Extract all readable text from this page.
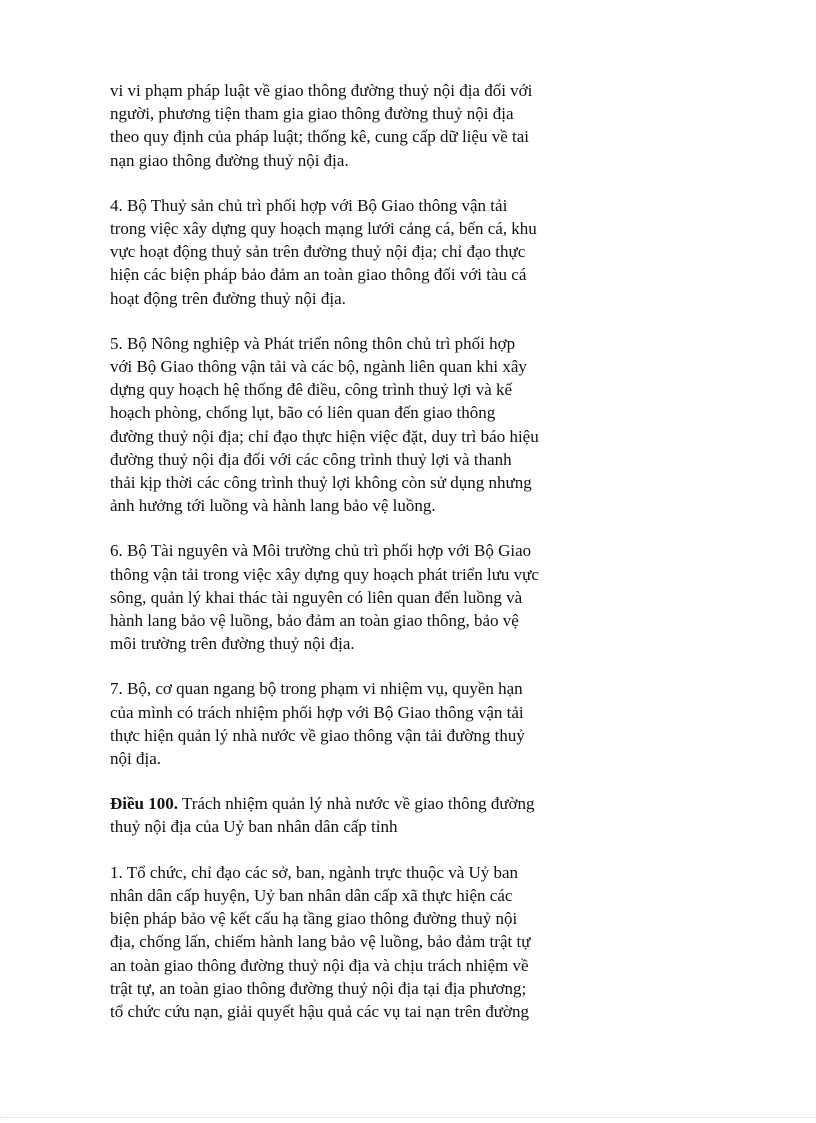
vi vi phạm pháp luật về giao thông đường thuỷ nội địa đối với
người, phương tiện tham gia giao thông đường thuỷ nội địa
theo quy định của pháp luật; thống kê, cung cấp dữ liệu về tai
nạn giao thông đường thuỷ nội địa.

4. Bộ Thuỷ sản chủ trì phối hợp với Bộ Giao thông vận tải
trong việc xây dựng quy hoạch mạng lưới cảng cá, bến cá, khu
vực hoạt động thuỷ sản trên đường thuỷ nội địa; chỉ đạo thực
hiện các biện pháp bảo đảm an toàn giao thông đối với tàu cá
hoạt động trên đường thuỷ nội địa.

5. Bộ Nông nghiệp và Phát triển nông thôn chủ trì phối hợp
với Bộ Giao thông vận tải và các bộ, ngành liên quan khi xây
dựng quy hoạch hệ thống đê điều, công trình thuỷ lợi và kế
hoạch phòng, chống lụt, bão có liên quan đến giao thông
đường thuỷ nội địa; chỉ đạo thực hiện việc đặt, duy trì báo hiệu
đường thuỷ nội địa đối với các công trình thuỷ lợi và thanh
thải kịp thời các công trình thuỷ lợi không còn sử dụng nhưng
ảnh hưởng tới luồng và hành lang bảo vệ luồng.

6. Bộ Tài nguyên và Môi trường chủ trì phối hợp với Bộ Giao
thông vận tải trong việc xây dựng quy hoạch phát triển lưu vực
sông, quản lý khai thác tài nguyên có liên quan đến luồng và
hành lang bảo vệ luồng, bảo đảm an toàn giao thông, bảo vệ
môi trường trên đường thuỷ nội địa.

7. Bộ, cơ quan ngang bộ trong phạm vi nhiệm vụ, quyền hạn
của mình có trách nhiệm phối hợp với Bộ Giao thông vận tải
thực hiện quản lý nhà nước về giao thông vận tải đường thuỷ
nội địa.

Điều 100. Trách nhiệm quản lý nhà nước về giao thông đường
thuỷ nội địa của Uỷ ban nhân dân cấp tỉnh

1. Tổ chức, chỉ đạo các sở, ban, ngành trực thuộc và Uỷ ban
nhân dân cấp huyện, Uỷ ban nhân dân cấp xã thực hiện các
biện pháp bảo vệ kết cấu hạ tầng giao thông đường thuỷ nội
địa, chống lấn, chiếm hành lang bảo vệ luồng, bảo đảm trật tự
an toàn giao thông đường thuỷ nội địa và chịu trách nhiệm về
trật tự, an toàn giao thông đường thuỷ nội địa tại địa phương;
tổ chức cứu nạn, giải quyết hậu quả các vụ tai nạn trên đường
